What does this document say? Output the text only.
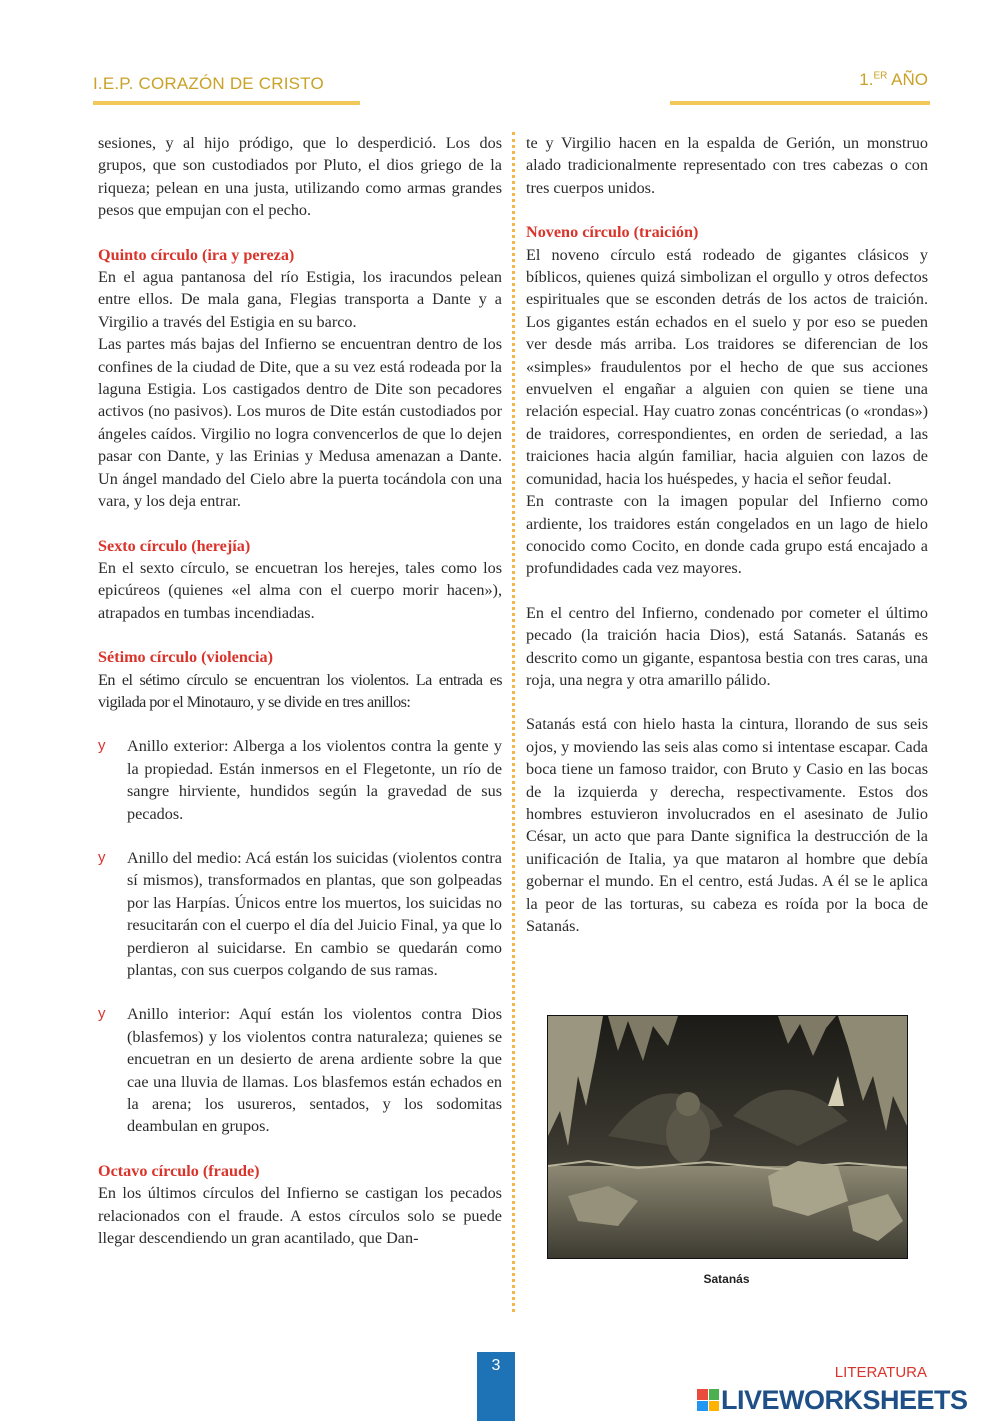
I.E.P. CORAZÓN DE CRISTO	1.$^{ER}$ AÑO

sesiones, y al hijo pródigo, que lo desperdició. Los dos grupos, que son custodiados por Pluto, el dios griego de la riqueza; pelean en una justa, utilizando como armas grandes pesos que empujan con el pecho.

Quinto círculo (ira y pereza)

En el agua pantanosa del río Estigia, los iracundos pelean entre ellos. De mala gana, Flegias transporta a Dante y a Virgilio a través del Estigia en su barco.

Las partes más bajas del Infierno se encuentran dentro de los confines de la ciudad de Dite, que a su vez está rodeada por la laguna Estigia. Los castigados dentro de Dite son pecadores activos (no pasivos). Los muros de Dite están custodiados por ángeles caídos. Virgilio no logra convencerlos de que lo dejen pasar con Dante, y las Erinias y Medusa amenazan a Dante. Un ángel mandado del Cielo abre la puerta tocándola con una vara, y los deja entrar.

Sexto círculo (herejía)

En el sexto círculo, se encuetran los herejes, tales como los epicúreos (quienes «el alma con el cuerpo morir hacen»), atrapados en tumbas incendiadas.

Sétimo círculo (violencia)

En el sétimo círculo se encuentran los violentos. La entrada es vigilada por el Minotauro, y se divide en tres anillos:

y Anillo exterior: Alberga a los violentos contra la gente y la propiedad. Están inmersos en el Flegetonte, un río de sangre hirviente, hundidos según la gravedad de sus pecados.
y Anillo del medio: Acá están los suicidas (violentos contra sí mismos), transformados en plantas, que son golpeadas por las Harpías. Únicos entre los muertos, los suicidas no resucitarán con el cuerpo el día del Juicio Final, ya que lo perdieron al suicidarse. En cambio se quedarán como plantas, con sus cuerpos colgando de sus ramas.
y Anillo interior: Aquí están los violentos contra Dios (blasfemos) y los violentos contra naturaleza; quienes se encuetran en un desierto de arena ardiente sobre la que cae una lluvia de llamas. Los blasfemos están echados en la arena; los usureros, sentados, y los sodomitas deambulan en grupos.
Octavo círculo (fraude)

En los últimos círculos del Infierno se castigan los pecados relacionados con el fraude. A estos círculos solo se puede llegar descendiendo un gran acantilado, que Dan-

te y Virgilio hacen en la espalda de Gerión, un monstruo alado tradicionalmente representado con tres cabezas o con tres cuerpos unidos.

Noveno círculo (traición)

El noveno círculo está rodeado de gigantes clásicos y bíblicos, quienes quizá simbolizan el orgullo y otros defectos espirituales que se esconden detrás de los actos de traición. Los gigantes están echados en el suelo y por eso se pueden ver desde más arriba. Los traidores se diferencian de los «simples» fraudulentos por el hecho de que sus acciones envuelven el engañar a alguien con quien se tiene una relación especial. Hay cuatro zonas concéntricas (o «rondas») de traidores, correspondientes, en orden de seriedad, a las traiciones hacia algún familiar, hacia alguien con lazos de comunidad, hacia los huéspedes, y hacia el señor feudal.

En contraste con la imagen popular del Infierno como ardiente, los traidores están congelados en un lago de hielo conocido como Cocito, en donde cada grupo está encajado a profundidades cada vez mayores.

En el centro del Infierno, condenado por cometer el último pecado (la traición hacia Dios), está Satanás. Satanás es descrito como un gigante, espantosa bestia con tres caras, una roja, una negra y otra amarillo pálido.

Satanás está con hielo hasta la cintura, llorando de sus seis ojos, y moviendo las seis alas como si intentase escapar. Cada boca tiene un famoso traidor, con Bruto y Casio en las bocas de la izquierda y derecha, respectivamente. Estos dos hombres estuvieron involucrados en el asesinato de Julio César, un acto que para Dante significa la destrucción de la unificación de Italia, ya que mataron al hombre que debía gobernar el mundo. En el centro, está Judas. A él se le aplica la peor de las torturas, su cabeza es roída por la boca de Satanás.

Satanás
3	LITERATURA
LIVEWORKSHEETS
